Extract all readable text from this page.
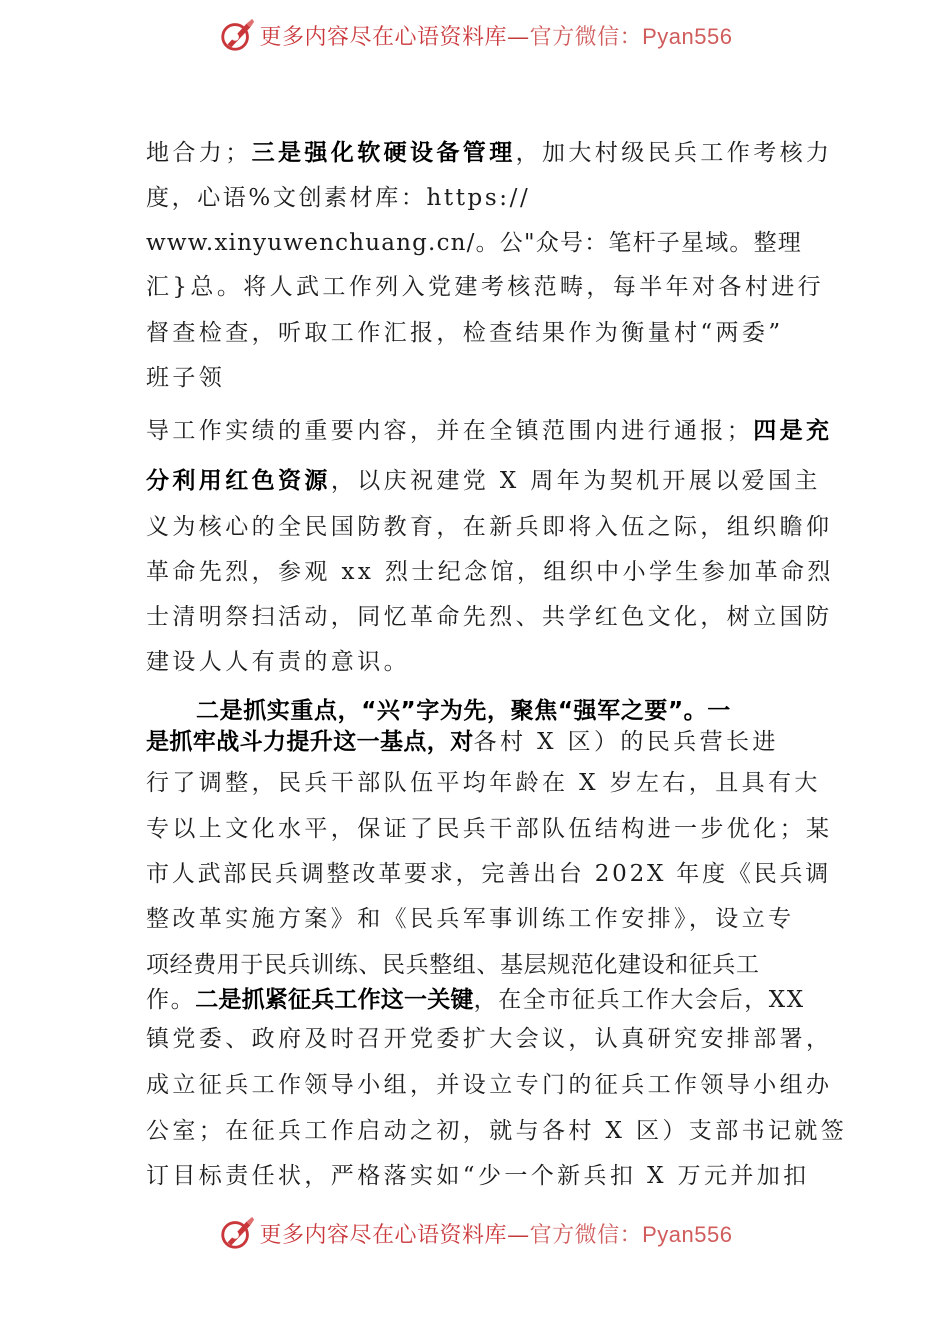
更多内容尽在心语资料库—官方微信：Pyan556
地合力；三是强化软硬设备管理，加大村级民兵工作考核力
度，心语%文创素材库：https://
www.xinyuwenchuang.cn/。公"众号：笔杆子星域。整理
汇}总。将人武工作列入党建考核范畴，每半年对各村进行
督查检查，听取工作汇报，检查结果作为衡量村“两委”
班子领
导工作实绩的重要内容，并在全镇范围内进行通报；四是充
分利用红色资源，以庆祝建党 X 周年为契机开展以爱国主
义为核心的全民国防教育，在新兵即将入伍之际，组织瞻仰
革命先烈，参观 xx 烈士纪念馆，组织中小学生参加革命烈
士清明祭扫活动，同忆革命先烈、共学红色文化，树立国防
建设人人有责的意识。
二是抓实重点，“兴”字为先，聚焦“强军之要”。一
是抓牢战斗力提升这一基点，对各村 X 区）的民兵营长进
行了调整，民兵干部队伍平均年龄在 X 岁左右，且具有大
专以上文化水平，保证了民兵干部队伍结构进一步优化；某
市人武部民兵调整改革要求，完善出台 202X 年度《民兵调
整改革实施方案》和《民兵军事训练工作安排》，设立专
项经费用于民兵训练、民兵整组、基层规范化建设和征兵工
作。二是抓紧征兵工作这一关键，在全市征兵工作大会后，XX
镇党委、政府及时召开党委扩大会议，认真研究安排部署，
成立征兵工作领导小组，并设立专门的征兵工作领导小组办
公室；在征兵工作启动之初，就与各村 X 区）支部书记就签
订目标责任状，严格落实如“少一个新兵扣 X 万元并加扣
更多内容尽在心语资料库—官方微信：Pyan556
